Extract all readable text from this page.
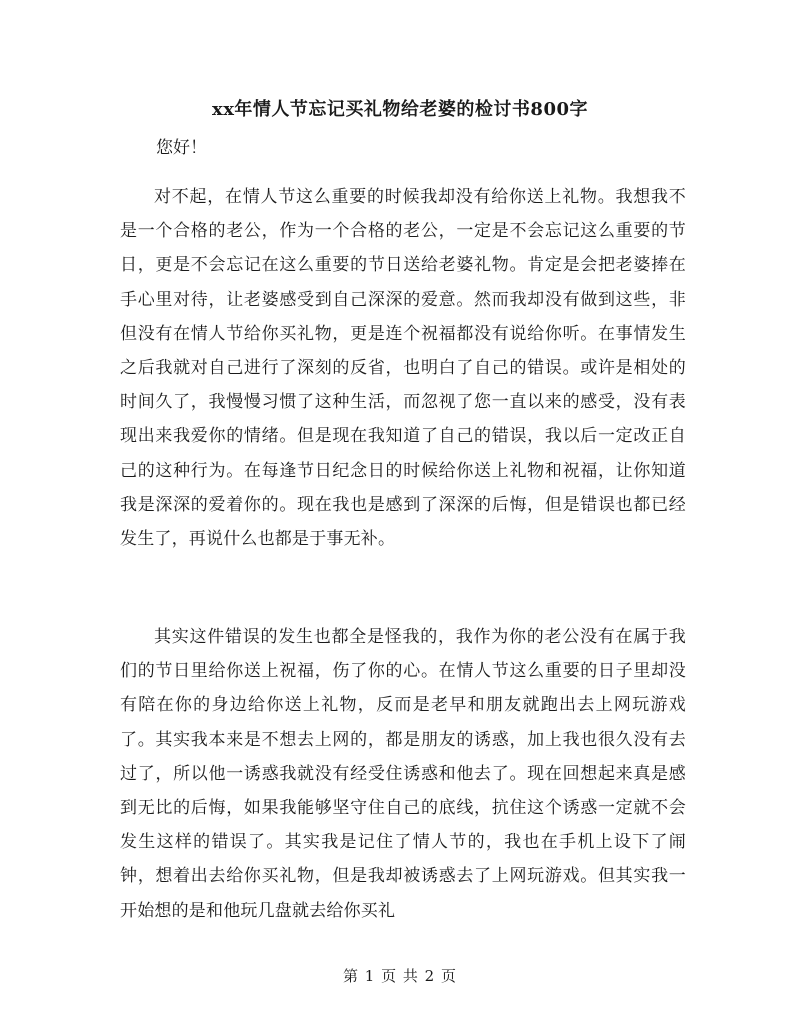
xx年情人节忘记买礼物给老婆的检讨书800字
您好！

对不起，在情人节这么重要的时候我却没有给你送上礼物。我想我不是一个合格的老公，作为一个合格的老公，一定是不会忘记这么重要的节日，更是不会忘记在这么重要的节日送给老婆礼物。肯定是会把老婆捧在手心里对待，让老婆感受到自己深深的爱意。然而我却没有做到这些，非但没有在情人节给你买礼物，更是连个祝福都没有说给你听。在事情发生之后我就对自己进行了深刻的反省，也明白了自己的错误。或许是相处的时间久了，我慢慢习惯了这种生活，而忽视了您一直以来的感受，没有表现出来我爱你的情绪。但是现在我知道了自己的错误，我以后一定改正自己的这种行为。在每逢节日纪念日的时候给你送上礼物和祝福，让你知道我是深深的爱着你的。现在我也是感到了深深的后悔，但是错误也都已经发生了，再说什么也都是于事无补。

其实这件错误的发生也都全是怪我的，我作为你的老公没有在属于我们的节日里给你送上祝福，伤了你的心。在情人节这么重要的日子里却没有陪在你的身边给你送上礼物，反而是老早和朋友就跑出去上网玩游戏了。其实我本来是不想去上网的，都是朋友的诱惑，加上我也很久没有去过了，所以他一诱惑我就没有经受住诱惑和他去了。现在回想起来真是感到无比的后悔，如果我能够坚守住自己的底线，抗住这个诱惑一定就不会发生这样的错误了。其实我是记住了情人节的，我也在手机上设下了闹钟，想着出去给你买礼物，但是我却被诱惑去了上网玩游戏。但其实我一开始想的是和他玩几盘就去给你买礼

第 1 页 共 2 页
